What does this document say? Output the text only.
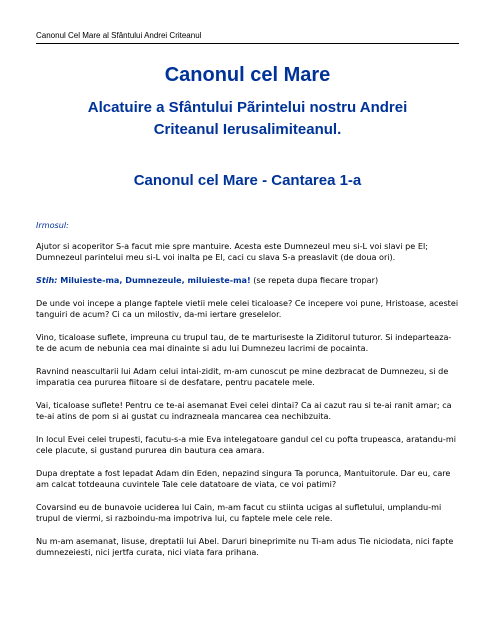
Canonul Cel Mare al Sfântului Andrei Criteanul
Canonul cel Mare
Alcatuire a Sfântului Pãrintelui nostru Andrei Criteanul Ierusalimiteanul.
Canonul cel Mare - Cantarea 1-a

Irmosul:

Ajutor si acoperitor S-a facut mie spre mantuire. Acesta este Dumnezeul meu si-L voi slavi pe El; Dumnezeul parintelui meu si-L voi inalta pe El, caci cu slava S-a preaslavit (de doua ori).

Stih: Miluieste-ma, Dumnezeule, miluieste-ma! (se repeta dupa fiecare tropar)

De unde voi incepe a plange faptele vietii mele celei ticaloase? Ce incepere voi pune, Hristoase, acestei tanguiri de acum? Ci ca un milostiv, da-mi iertare greselelor.

Vino, ticaloase suflete, impreuna cu trupul tau, de te marturiseste la Ziditorul tuturor. Si indeparteaza-te de acum de nebunia cea mai dinainte si adu lui Dumnezeu lacrimi de pocainta.

Ravnind neascultarii lui Adam celui intai-zidit, m-am cunoscut pe mine dezbracat de Dumnezeu, si de imparatia cea pururea fiitoare si de desfatare, pentru pacatele mele.

Vai, ticaloase suflete! Pentru ce te-ai asemanat Evei celei dintai? Ca ai cazut rau si te-ai ranit amar; ca te-ai atins de pom si ai gustat cu indrazneala mancarea cea nechibzuita.

In locul Evei celei trupesti, facutu-s-a mie Eva intelegatoare gandul cel cu pofta trupeasca, aratandu-mi cele placute, si gustand pururea din bautura cea amara.

Dupa dreptate a fost lepadat Adam din Eden, nepazind singura Ta porunca, Mantuitorule. Dar eu, care am calcat totdeauna cuvintele Tale cele datatoare de viata, ce voi patimi?

Covarsind eu de bunavoie uciderea lui Cain, m-am facut cu stiinta ucigas al sufletului, umplandu-mi trupul de viermi, si razboindu-ma impotriva lui, cu faptele mele cele rele.

Nu m-am asemanat, Iisuse, dreptatii lui Abel. Daruri bineprimite nu Ti-am adus Tie niciodata, nici fapte dumnezeiesti, nici jertfa curata, nici viata fara prihana.
